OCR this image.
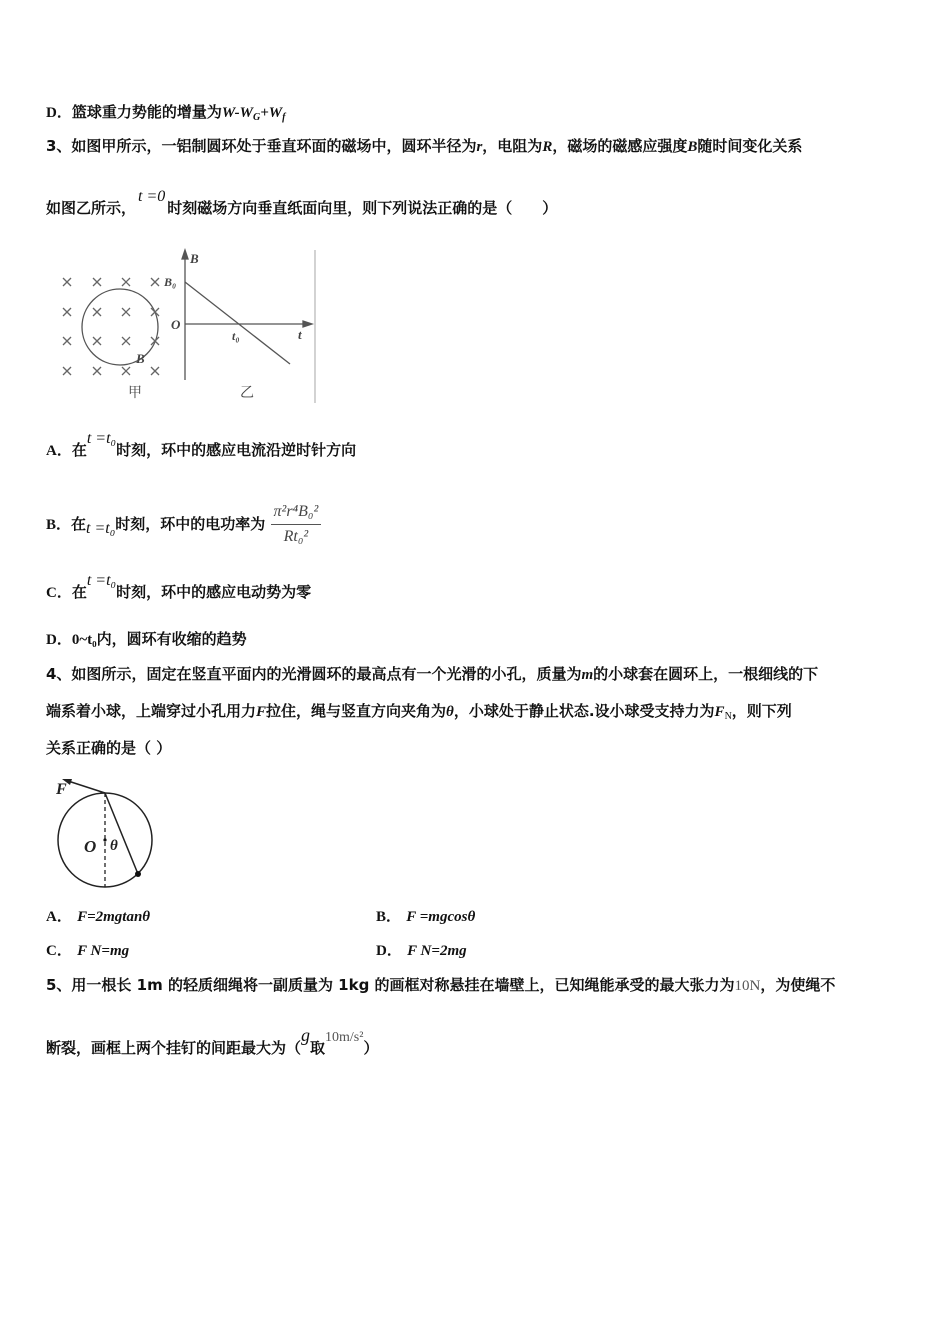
D．篮球重力势能的增量为$W-W_G+W_f$
3、如图甲所示，一铝制圆环处于垂直环面的磁场中，圆环半径为r，电阻为R，磁场的磁感应强度B随时间变化关系
如图乙所示，t =0时刻磁场方向垂直纸面向里，则下列说法正确的是（　　）
B
甲
B
B₀
O
t₀	t
乙
A．在t =t₀时刻，环中的感应电流沿逆时针方向
B．在t =t₀时刻，环中的电功率为 $\frac{\text{π²r⁴B₀²}}{\text{Rt₀²}}$
C．在t =t₀时刻，环中的感应电动势为零
D．0~t₀内，圆环有收缩的趋势
4、如图所示，固定在竖直平面内的光滑圆环的最高点有一个光滑的小孔，质量为m的小球套在圆环上，一根细线的下
端系着小球，上端穿过小孔用力F拉住，绳与竖直方向夹角为θ，小球处于静止状态.设小球受支持力为$F_N$，则下列
关系正确的是（ ）
F
O θ
A． F=2mgtanθ	B． F =mgcosθ
C． F N=mg	D． F N=2mg
5、用一根长 1m 的轻质细绳将一副质量为 1kg 的画框对称悬挂在墙壁上，已知绳能承受的最大张力为10N，为使绳不
断裂，画框上两个挂钉的间距最大为（g取10m/s²）
